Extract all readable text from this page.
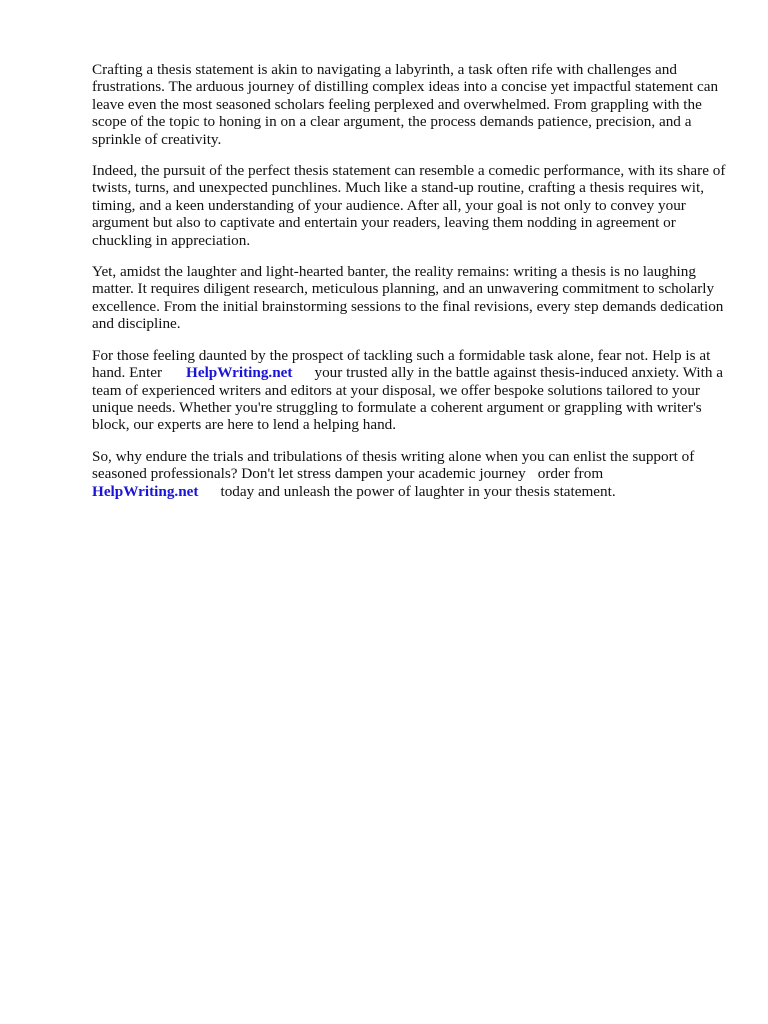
Crafting a thesis statement is akin to navigating a labyrinth, a task often rife with challenges and frustrations. The arduous journey of distilling complex ideas into a concise yet impactful statement can leave even the most seasoned scholars feeling perplexed and overwhelmed. From grappling with the scope of the topic to honing in on a clear argument, the process demands patience, precision, and a sprinkle of creativity.

Indeed, the pursuit of the perfect thesis statement can resemble a comedic performance, with its share of twists, turns, and unexpected punchlines. Much like a stand-up routine, crafting a thesis requires wit, timing, and a keen understanding of your audience. After all, your goal is not only to convey your argument but also to captivate and entertain your readers, leaving them nodding in agreement or chuckling in appreciation.

Yet, amidst the laughter and light-hearted banter, the reality remains: writing a thesis is no laughing matter. It requires diligent research, meticulous planning, and an unwavering commitment to scholarly excellence. From the initial brainstorming sessions to the final revisions, every step demands dedication and discipline.

For those feeling daunted by the prospect of tackling such a formidable task alone, fear not. Help is at hand. Enter HelpWriting.net your trusted ally in the battle against thesis-induced anxiety. With a team of experienced writers and editors at your disposal, we offer bespoke solutions tailored to your unique needs. Whether you're struggling to formulate a coherent argument or grappling with writer's block, our experts are here to lend a helping hand.

So, why endure the trials and tribulations of thesis writing alone when you can enlist the support of seasoned professionals? Don't let stress dampen your academic journey order from
HelpWriting.net today and unleash the power of laughter in your thesis statement.
